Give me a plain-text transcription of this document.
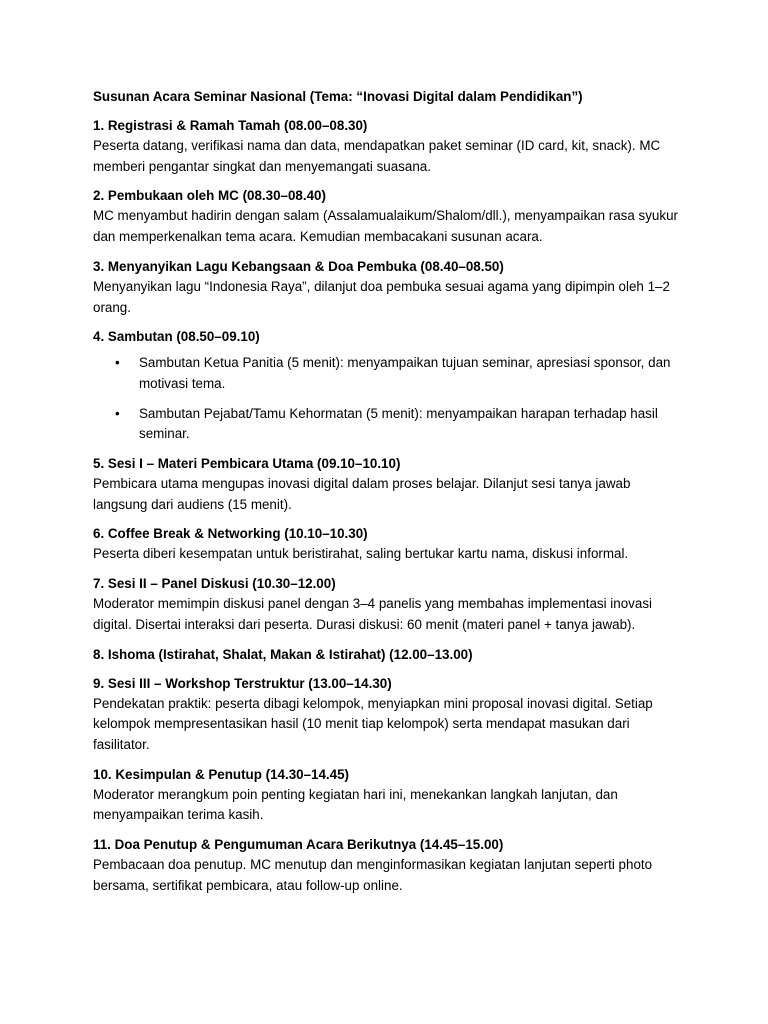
Susunan Acara Seminar Nasional (Tema: “Inovasi Digital dalam Pendidikan”)

1. Registrasi & Ramah Tamah (08.00–08.30)

Peserta datang, verifikasi nama dan data, mendapatkan paket seminar (ID card, kit, snack). MC memberi pengantar singkat dan menyemangati suasana.

2. Pembukaan oleh MC (08.30–08.40)

MC menyambut hadirin dengan salam (Assalamualaikum/Shalom/dll.), menyampaikan rasa syukur dan memperkenalkan tema acara. Kemudian membacakani susunan acara.

3. Menyanyikan Lagu Kebangsaan & Doa Pembuka (08.40–08.50)

Menyanyikan lagu “Indonesia Raya”, dilanjut doa pembuka sesuai agama yang dipimpin oleh 1–2 orang.

4. Sambutan (08.50–09.10)

• Sambutan Ketua Panitia (5 menit): menyampaikan tujuan seminar, apresiasi sponsor, dan motivasi tema.
• Sambutan Pejabat/Tamu Kehormatan (5 menit): menyampaikan harapan terhadap hasil seminar.

5. Sesi I – Materi Pembicara Utama (09.10–10.10)

Pembicara utama mengupas inovasi digital dalam proses belajar. Dilanjut sesi tanya jawab langsung dari audiens (15 menit).

6. Coffee Break & Networking (10.10–10.30)

Peserta diberi kesempatan untuk beristirahat, saling bertukar kartu nama, diskusi informal.

7. Sesi II – Panel Diskusi (10.30–12.00)

Moderator memimpin diskusi panel dengan 3–4 panelis yang membahas implementasi inovasi digital. Disertai interaksi dari peserta. Durasi diskusi: 60 menit (materi panel + tanya jawab).

8. Ishoma (Istirahat, Shalat, Makan & Istirahat) (12.00–13.00)

9. Sesi III – Workshop Terstruktur (13.00–14.30)

Pendekatan praktik: peserta dibagi kelompok, menyiapkan mini proposal inovasi digital. Setiap kelompok mempresentasikan hasil (10 menit tiap kelompok) serta mendapat masukan dari fasilitator.

10. Kesimpulan & Penutup (14.30–14.45)

Moderator merangkum poin penting kegiatan hari ini, menekankan langkah lanjutan, dan menyampaikan terima kasih.

11. Doa Penutup & Pengumuman Acara Berikutnya (14.45–15.00)

Pembacaan doa penutup. MC menutup dan menginformasikan kegiatan lanjutan seperti photo bersama, sertifikat pembicara, atau follow-up online.
